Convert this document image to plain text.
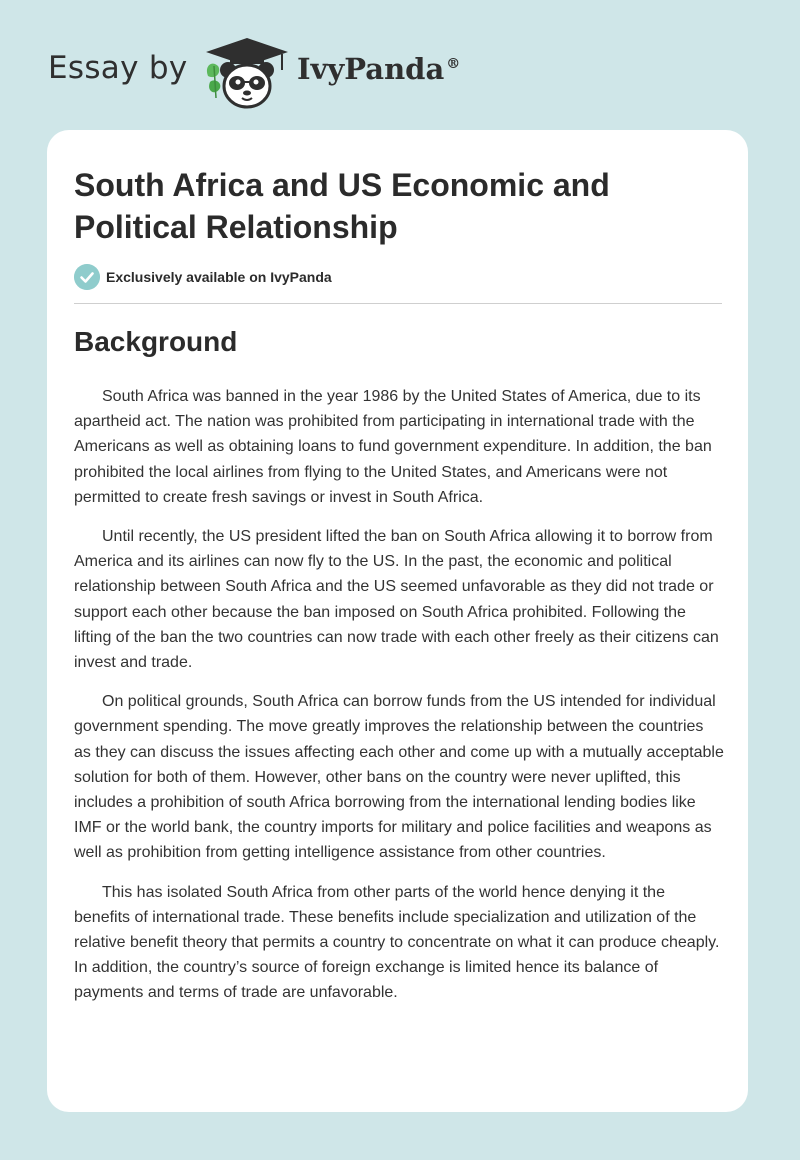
Essay by	IvyPanda ®
South Africa and US Economic and Political Relationship
Exclusively available on IvyPanda
Background

South Africa was banned in the year 1986 by the United States of America, due to its apartheid act. The nation was prohibited from participating in international trade with the Americans as well as obtaining loans to fund government expenditure. In addition, the ban prohibited the local airlines from flying to the United States, and Americans were not permitted to create fresh savings or invest in South Africa.

Until recently, the US president lifted the ban on South Africa allowing it to borrow from America and its airlines can now fly to the US. In the past, the economic and political relationship between South Africa and the US seemed unfavorable as they did not trade or support each other because the ban imposed on South Africa prohibited. Following the lifting of the ban the two countries can now trade with each other freely as their citizens can invest and trade.

On political grounds, South Africa can borrow funds from the US intended for individual government spending. The move greatly improves the relationship between the countries as they can discuss the issues affecting each other and come up with a mutually acceptable solution for both of them. However, other bans on the country were never uplifted, this includes a prohibition of south Africa borrowing from the international lending bodies like IMF or the world bank, the country imports for military and police facilities and weapons as well as prohibition from getting intelligence assistance from other countries.

This has isolated South Africa from other parts of the world hence denying it the benefits of international trade. These benefits include specialization and utilization of the relative benefit theory that permits a country to concentrate on what it can produce cheaply. In addition, the country’s source of foreign exchange is limited hence its balance of payments and terms of trade are unfavorable.
